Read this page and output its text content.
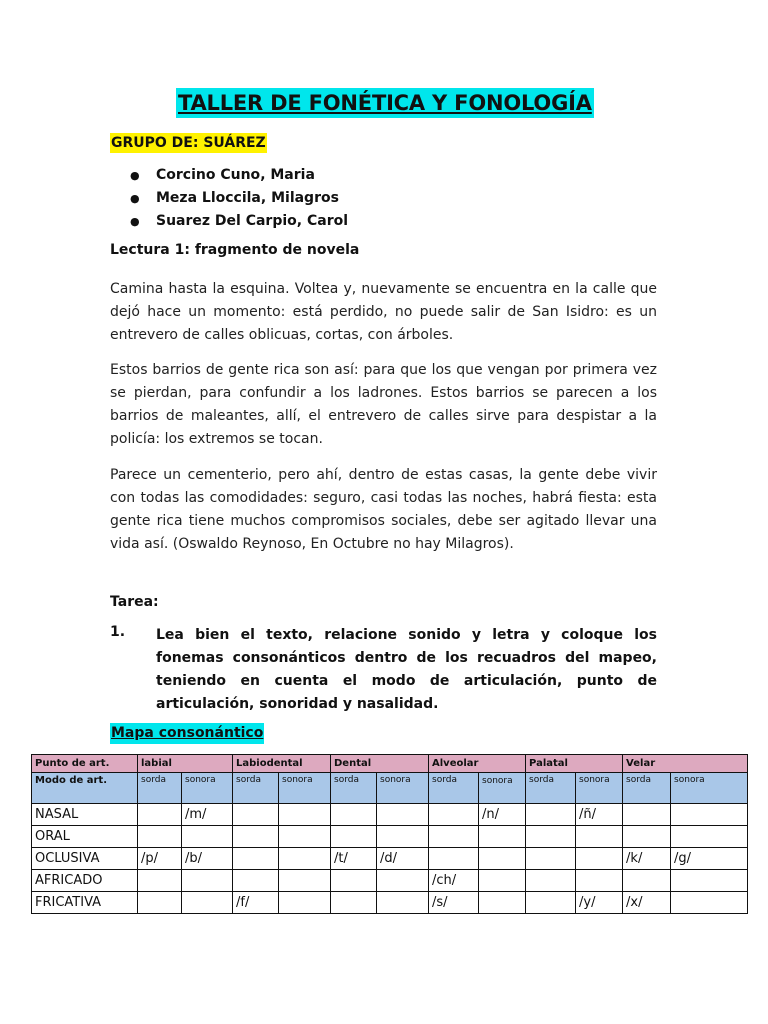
TALLER DE FONÉTICA Y FONOLOGÍA
GRUPO DE: SUÁREZ
● Corcino Cuno, Maria
● Meza Lloccila, Milagros
● Suarez Del Carpio, Carol
Lectura 1: fragmento de novela

Camina hasta la esquina. Voltea y, nuevamente se encuentra en la calle que dejó hace un momento: está perdido, no puede salir de San Isidro: es un entrevero de calles oblicuas, cortas, con árboles.

Estos barrios de gente rica son así: para que los que vengan por primera vez se pierdan, para confundir a los ladrones. Estos barrios se parecen a los barrios de maleantes, allí, el entrevero de calles sirve para despistar a la policía: los extremos se tocan.

Parece un cementerio, pero ahí, dentro de estas casas, la gente debe vivir con todas las comodidades: seguro, casi todas las noches, habrá fiesta: esta gente rica tiene muchos compromisos sociales, debe ser agitado llevar una vida así. (Oswaldo Reynoso, En Octubre no hay Milagros).

Tarea:
1. Lea bien el texto, relacione sonido y letra y coloque los fonemas consonánticos dentro de los recuadros del mapeo, teniendo en cuenta el modo de articulación, punto de articulación, sonoridad y nasalidad.

Mapa consonántico
Punto de art.	labial		Labiodental		Dental		Alveolar		Palatal		Velar	
Modo de art.	sorda	sonora	sorda	sonora	sorda	sonora	sorda	sonora	sorda	sonora	sorda	sonora
NASAL		/m/						/n/		/ñ/		
ORAL												
OCLUSIVA	/p/	/b/			/t/	/d/					/k/	/g/
AFRICADO							/ch/					
FRICATIVA			/f/				/s/			/y/	/x/	
